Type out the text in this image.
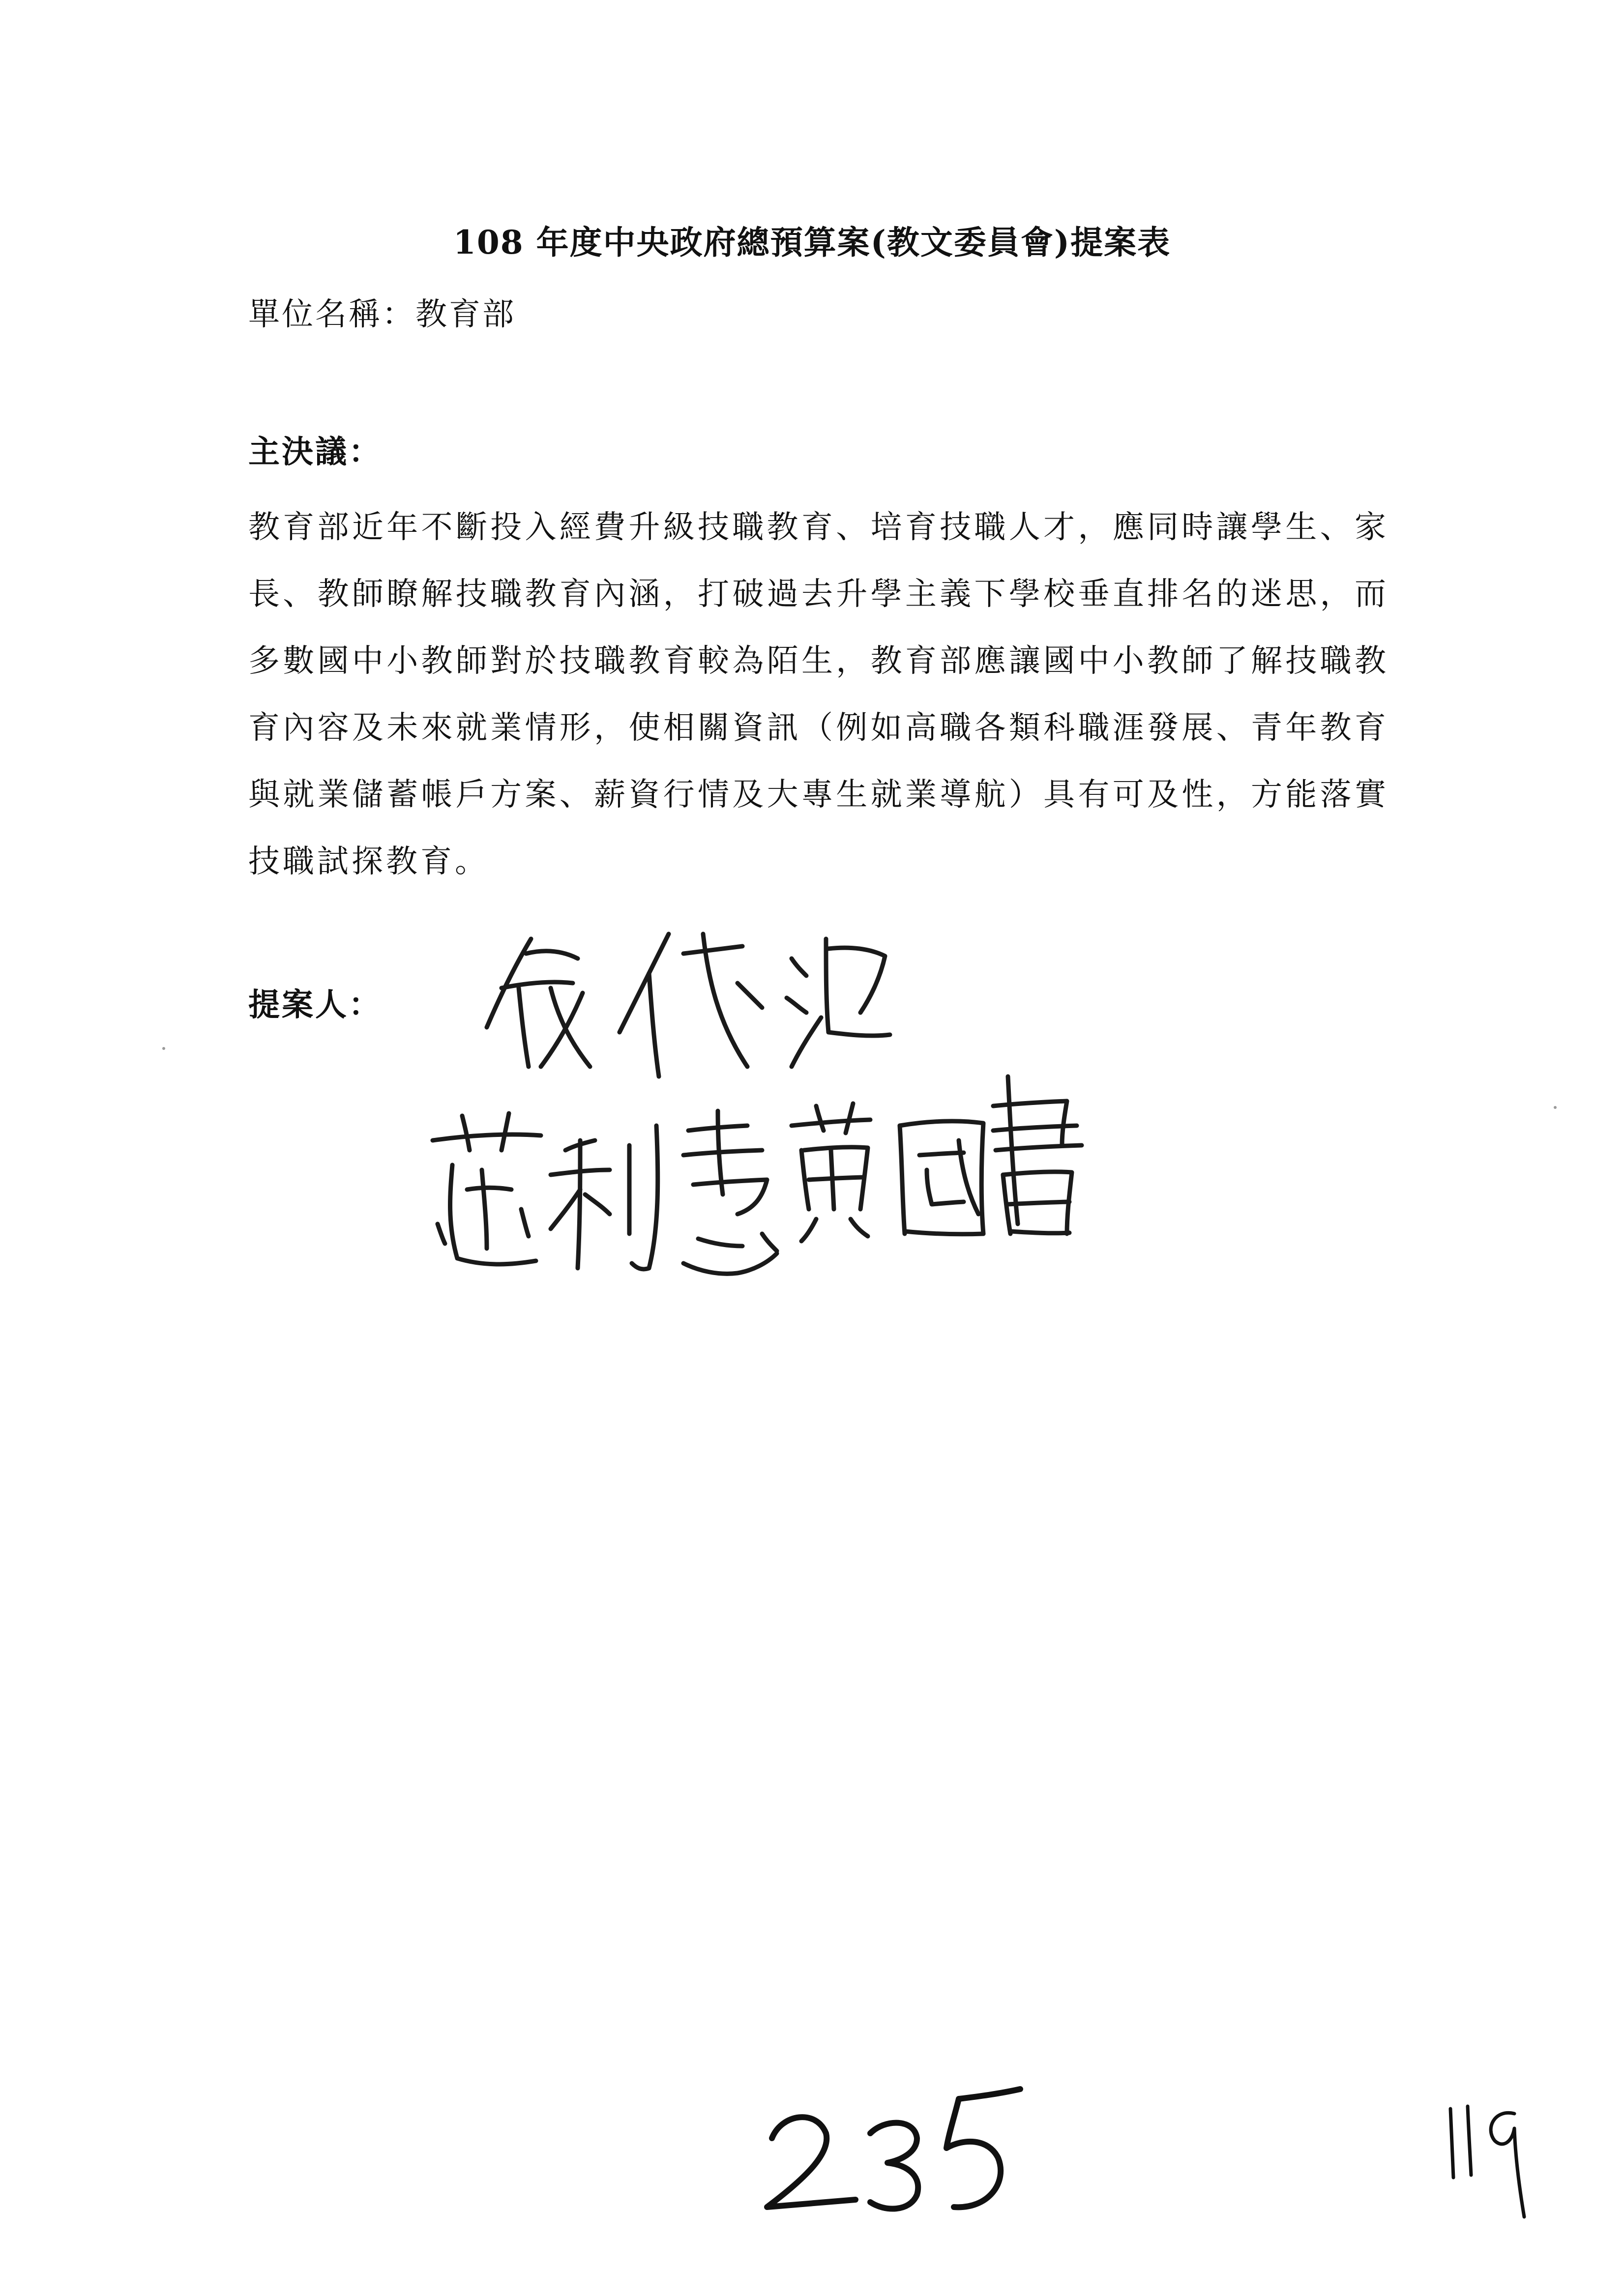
108 年度中央政府總預算案(教文委員會)提案表
單位名稱：教育部
主決議：
教育部近年不斷投入經費升級技職教育、培育技職人才，應同時讓學生、家長、教師瞭解技職教育內涵，打破過去升學主義下學校垂直排名的迷思，而多數國中小教師對於技職教育較為陌生，教育部應讓國中小教師了解技職教育內容及未來就業情形，使相關資訊（例如高職各類科職涯發展、青年教育與就業儲蓄帳戶方案、薪資行情及大專生就業導航）具有可及性，方能落實技職試探教育。
提案人：
